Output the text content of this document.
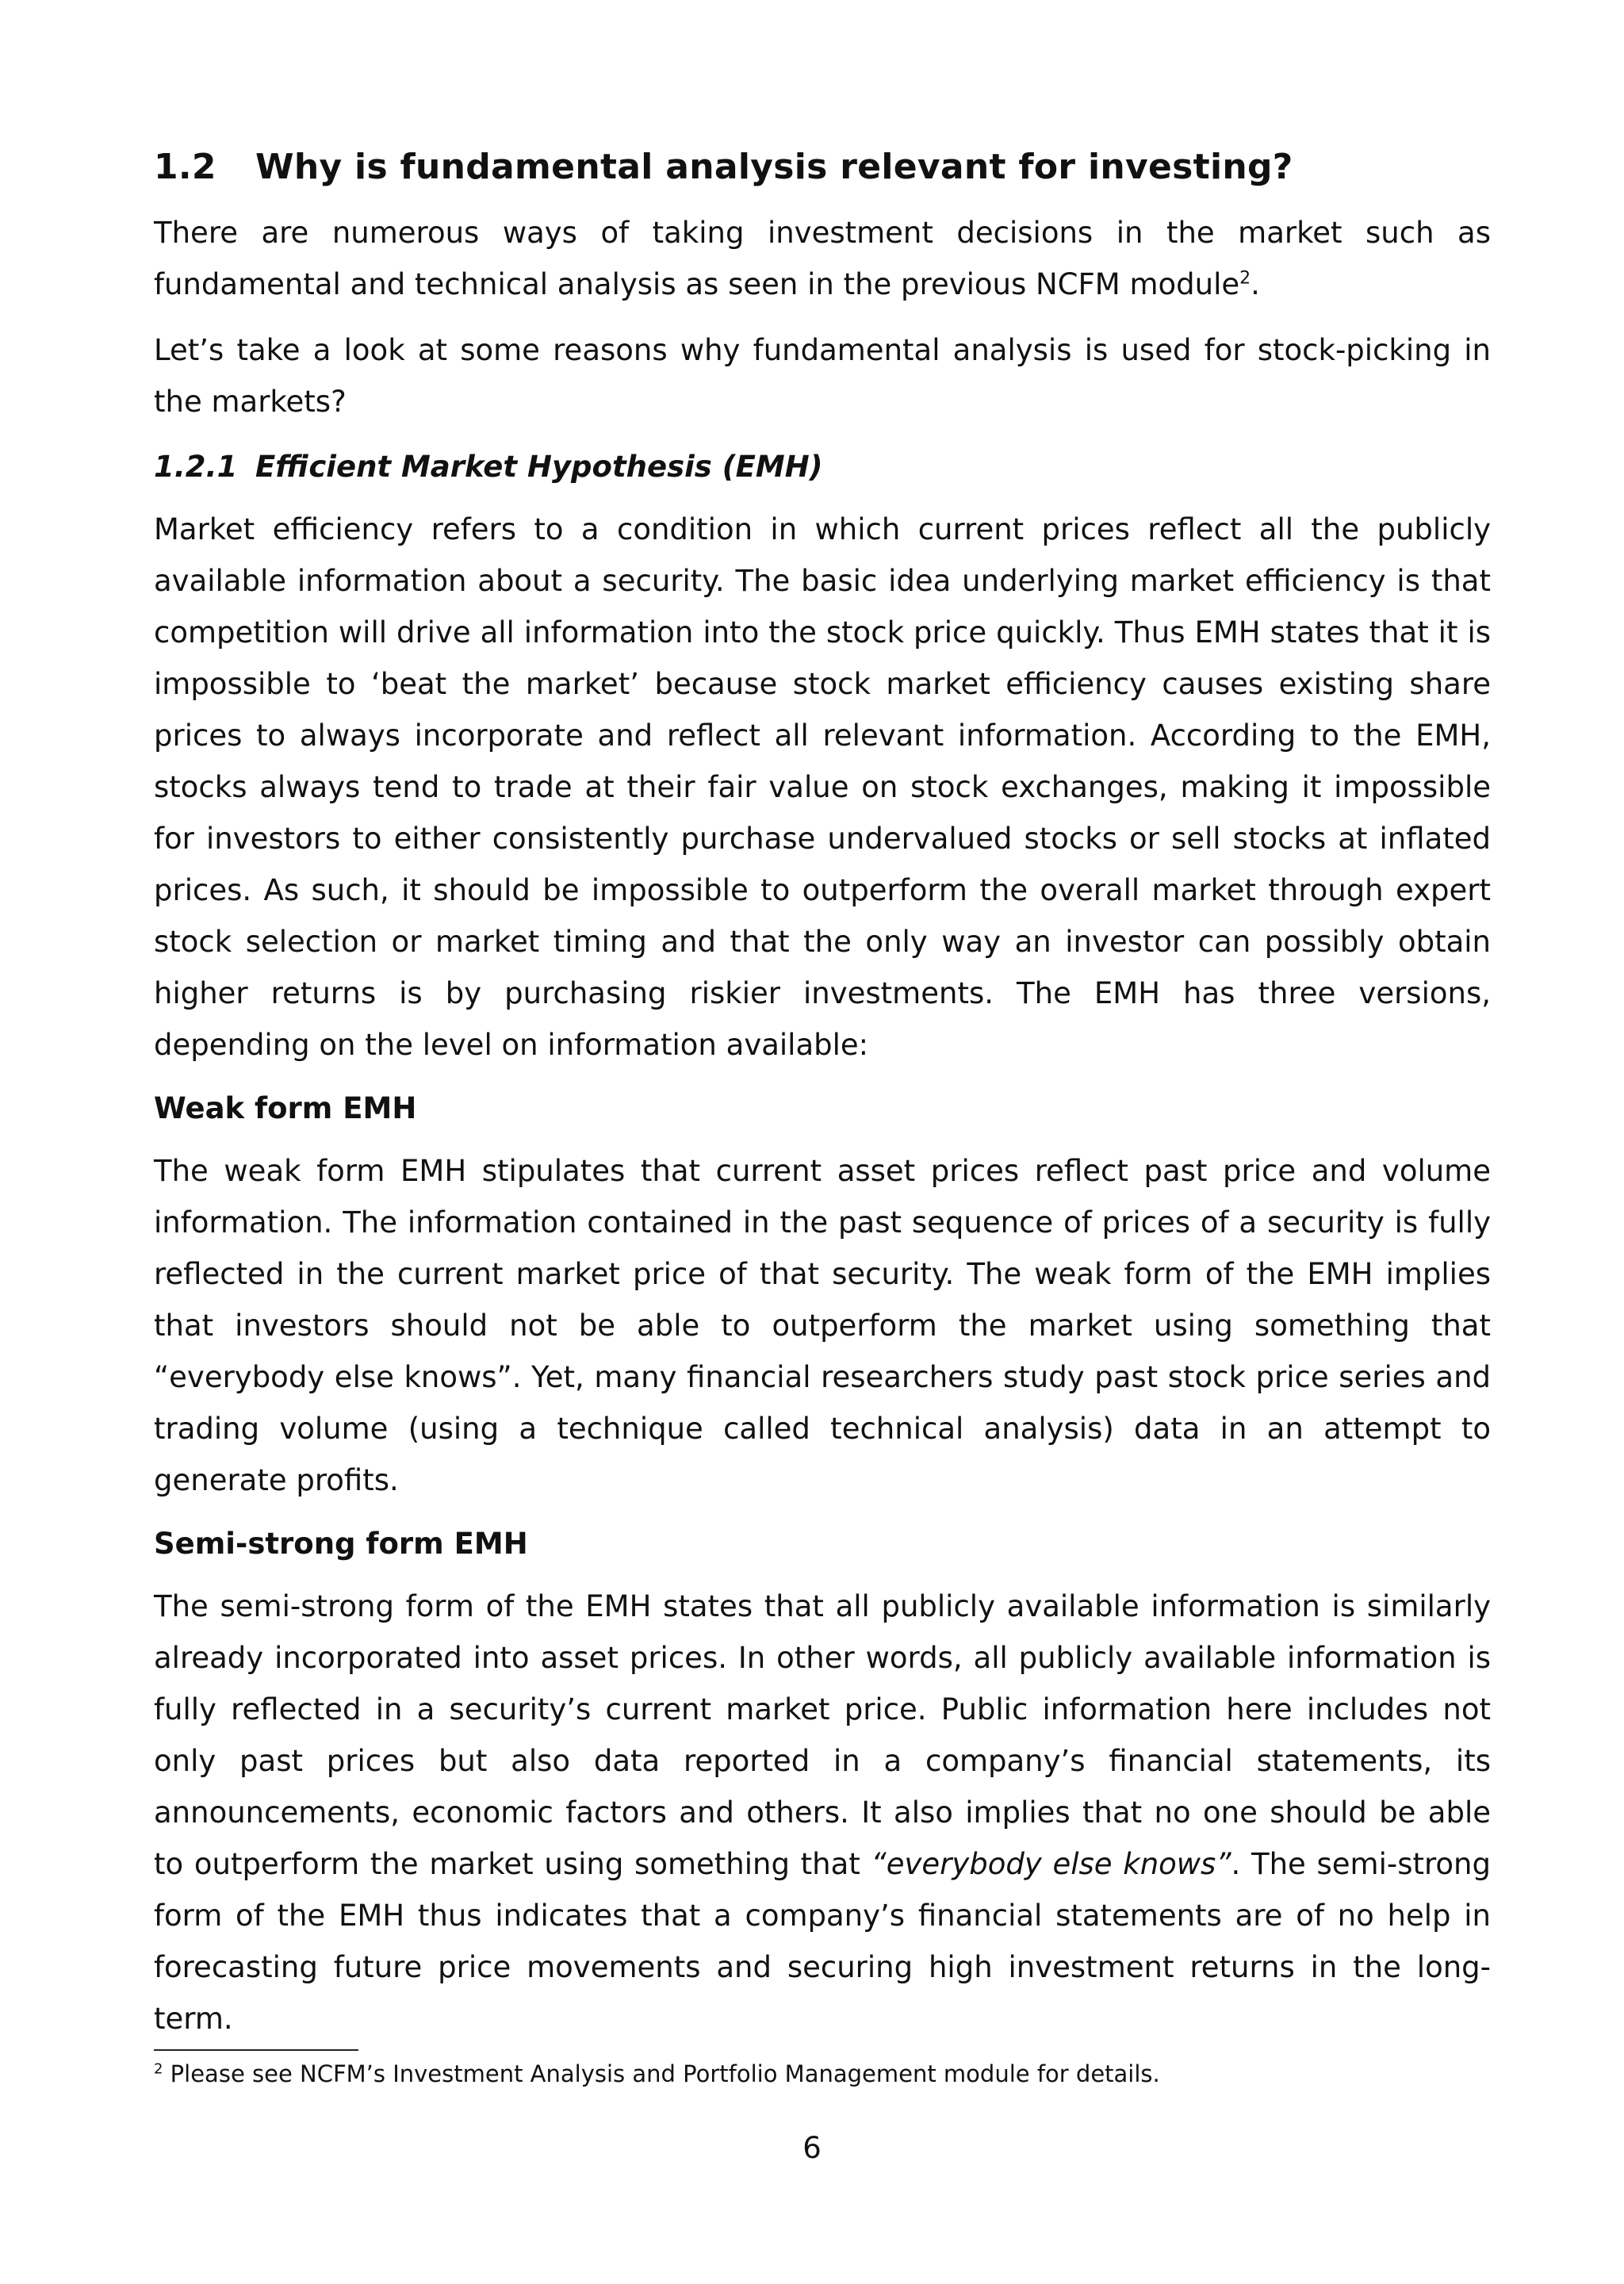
1.2 Why is fundamental analysis relevant for investing?

There are numerous ways of taking investment decisions in the market such as fundamental and technical analysis as seen in the previous NCFM module$^2$.

Let’s take a look at some reasons why fundamental analysis is used for stock-picking in the markets?

1.2.1 Efficient Market Hypothesis (EMH)

Market efficiency refers to a condition in which current prices reflect all the publicly available information about a security. The basic idea underlying market efficiency is that competition will drive all information into the stock price quickly. Thus EMH states that it is impossible to ‘beat the market’ because stock market efficiency causes existing share prices to always incorporate and reflect all relevant information. According to the EMH, stocks always tend to trade at their fair value on stock exchanges, making it impossible for investors to either consistently purchase undervalued stocks or sell stocks at inflated prices. As such, it should be impossible to outperform the overall market through expert stock selection or market timing and that the only way an investor can possibly obtain higher returns is by purchasing riskier investments. The EMH has three versions, depending on the level on information available:

Weak form EMH

The weak form EMH stipulates that current asset prices reflect past price and volume information. The information contained in the past sequence of prices of a security is fully reflected in the current market price of that security. The weak form of the EMH implies that investors should not be able to outperform the market using something that “everybody else knows”. Yet, many financial researchers study past stock price series and trading volume (using a technique called technical analysis) data in an attempt to generate profits.

Semi-strong form EMH

The semi-strong form of the EMH states that all publicly available information is similarly already incorporated into asset prices. In other words, all publicly available information is fully reflected in a security’s current market price. Public information here includes not only past prices but also data reported in a company’s financial statements, its announcements, economic factors and others. It also implies that no one should be able to outperform the market using something that “everybody else knows”. The semi-strong form of the EMH thus indicates that a company’s financial statements are of no help in forecasting future price movements and securing high investment returns in the long-term.

$^2$ Please see NCFM’s Investment Analysis and Portfolio Management module for details.
6
